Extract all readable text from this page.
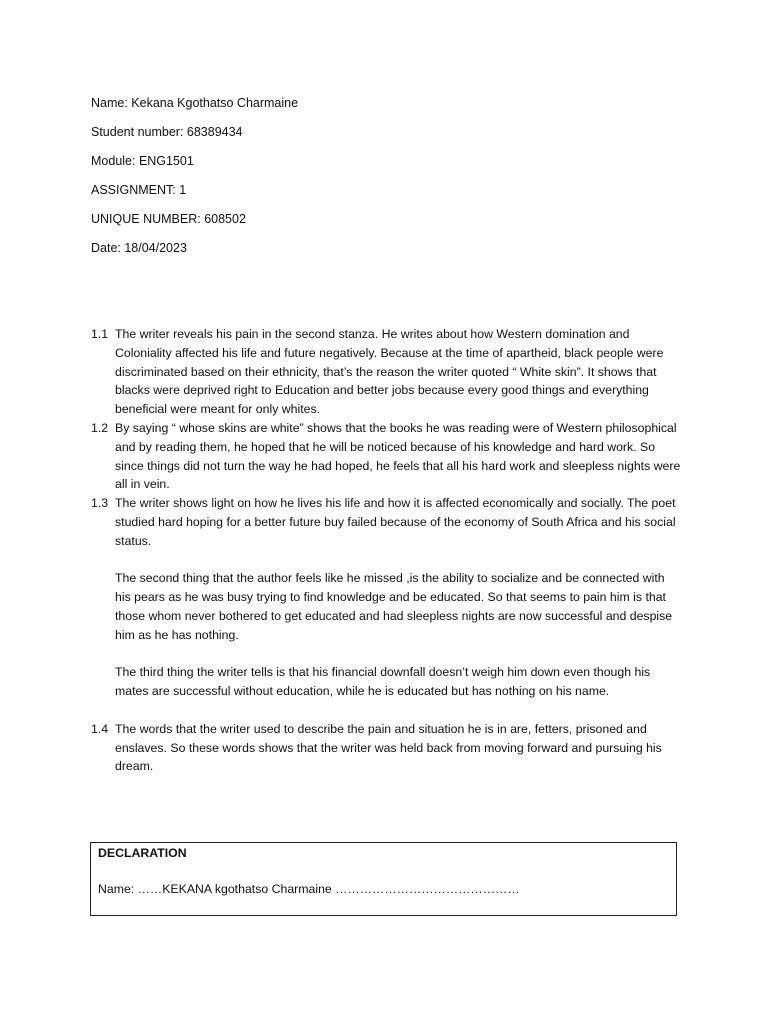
Name: Kekana Kgothatso Charmaine
Student number: 68389434
Module: ENG1501
ASSIGNMENT: 1
UNIQUE NUMBER: 608502
Date: 18/04/2023
1.1 The writer reveals his pain in the second stanza. He writes about how Western domination and Coloniality affected his life and future negatively. Because at the time of apartheid, black people were discriminated based on their ethnicity, that’s the reason the writer quoted “ White skin”. It shows that blacks were deprived right to Education and better jobs because every good things and everything beneficial were meant for only whites.
1.2 By saying “ whose skins are white” shows that the books he was reading were of Western philosophical and by reading them, he hoped that he will be noticed because of his knowledge and hard work. So since things did not turn the way he had hoped, he feels that all his hard work and sleepless nights were all in vein.
1.3 The writer shows light on how he lives his life and how it is affected economically and socially. The poet studied hard hoping for a better future buy failed because of the economy of South Africa and his social status.
The second thing that the author feels like he missed ,is the ability to socialize and be connected with his pears as he was busy trying to find knowledge and be educated. So that seems to pain him is that those whom never bothered to get educated and had sleepless nights are now successful and despise him as he has nothing.
The third thing the writer tells is that his financial downfall doesn’t weigh him down even though his mates are successful without education, while he is educated but has nothing on his name.
1.4 The words that the writer used to describe the pain and situation he is in are, fetters, prisoned and enslaves. So these words shows that the writer was held back from moving forward and pursuing his dream.
DECLARATION
Name: ……KEKANA kgothatso Charmaine ………………………………………
